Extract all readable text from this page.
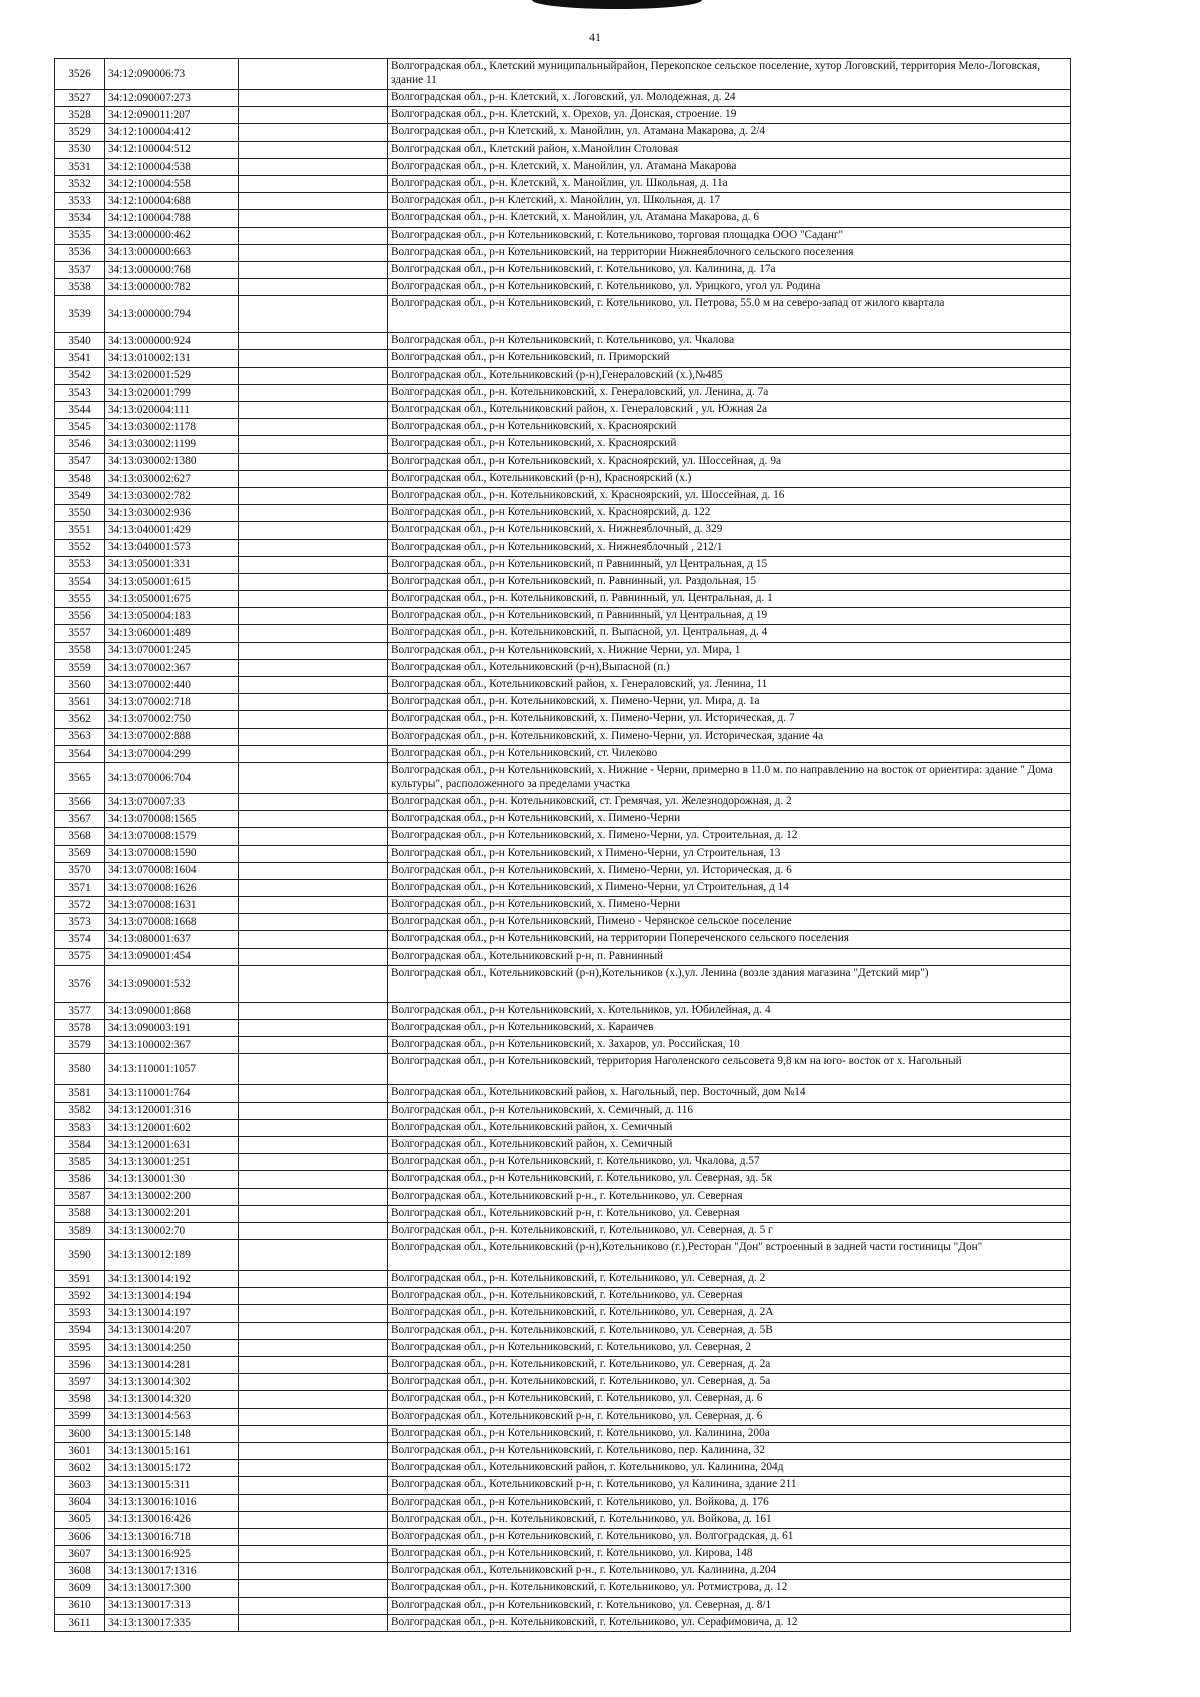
41
3526	34:12:090006:73		Волгоградская обл., Клетский муниципальныйрайон, Перекопское сельское поселение, хутор Логовский, территория Мело-Логовская, здание 11
3527	34:12:090007:273		Волгоградская обл., р-н. Клетский, х. Логовский, ул. Молодежная, д. 24
3528	34:12:090011:207		Волгоградская обл., р-н. Клетский, х. Орехов, ул. Донская, строение. 19
3529	34:12:100004:412		Волгоградская обл., р-н Клетский, х. Манойлин, ул. Атамана Макарова, д. 2/4
3530	34:12:100004:512		Волгоградская обл., Клетский район, х.Манойлин Столовая
3531	34:12:100004:538		Волгоградская обл., р-н. Клетский, х. Манойлин, ул. Атамана Макарова
3532	34:12:100004:558		Волгоградская обл., р-н. Клетский, х. Манойлин, ул. Школьная, д. 11а
3533	34:12:100004:688		Волгоградская обл., р-н Клетский, х. Манойлин, ул. Школьная, д. 17
3534	34:12:100004:788		Волгоградская обл., р-н. Клетский, х. Манойлин, ул. Атамана Макарова, д. 6
3535	34:13:000000:462		Волгоградская обл., р-н Котельниковский, г. Котельниково, торговая площадка ООО "Саданг"
3536	34:13:000000:663		Волгоградская обл., р-н Котельниковский, на территории Нижнеяблочного сельского поселения
3537	34:13:000000:768		Волгоградская обл., р-н Котельниковский, г. Котельниково, ул. Калинина, д. 17а
3538	34:13:000000:782		Волгоградская обл., р-н Котельниковский, г. Котельниково, ул. Урицкого, угол ул. Родина
3539	34:13:000000:794		Волгоградская обл., р-н Котельниковский, г. Котельниково, ул. Петрова, 55.0 м на северо-запад от жилого квартала
3540	34:13:000000:924		Волгоградская обл., р-н Котельниковский, г. Котельниково, ул. Чкалова
3541	34:13:010002:131		Волгоградская обл., р-н Котельниковский, п. Приморский
3542	34:13:020001:529		Волгоградская обл., Котельниковский (р-н),Генераловский (х.),№485
3543	34:13:020001:799		Волгоградская обл., р-н. Котельниковский, х. Генераловский, ул. Ленина, д. 7а
3544	34:13:020004:111		Волгоградская обл., Котельниковский район, х. Генераловский , ул. Южная 2а
3545	34:13:030002:1178		Волгоградская обл., р-н Котельниковский, х. Красноярский
3546	34:13:030002:1199		Волгоградская обл., р-н Котельниковский, х. Красноярский
3547	34:13:030002:1380		Волгоградская обл., р-н Котельниковский, х. Красноярский, ул. Шоссейная, д. 9а
3548	34:13:030002:627		Волгоградская обл., Котельниковский (р-н), Красноярский (х.)
3549	34:13:030002:782		Волгоградская обл., р-н. Котельниковский, х. Красноярский, ул. Шоссейная, д. 16
3550	34:13:030002:936		Волгоградская обл., р-н Котельниковский, х. Красноярский, д. 122
3551	34:13:040001:429		Волгоградская обл., р-н Котельниковский, х. Нижнеяблочный, д. 329
3552	34:13:040001:573		Волгоградская обл., р-н Котельниковский, х. Нижнеяблочный , 212/1
3553	34:13:050001:331		Волгоградская обл., р-н Котельниковский, п Равнинный, ул Центральная, д 15
3554	34:13:050001:615		Волгоградская обл., р-н Котельниковский, п. Равнинный, ул. Раздольная, 15
3555	34:13:050001:675		Волгоградская обл., р-н. Котельниковский, п. Равнинный, ул. Центральная, д. 1
3556	34:13:050004:183		Волгоградская обл., р-н Котельниковский, п Равнинный, ул Центральная, д 19
3557	34:13:060001:489		Волгоградская обл., р-н. Котельниковский, п. Выпасной, ул. Центральная, д. 4
3558	34:13:070001:245		Волгоградская обл., р-н Котельниковский, х. Нижние Черни, ул. Мира, 1
3559	34:13:070002:367		Волгоградская обл., Котельниковский (р-н),Выпасной (п.)
3560	34:13:070002:440		Волгоградская обл., Котельниковский район, х. Генераловский, ул. Ленина, 11
3561	34:13:070002:718		Волгоградская обл., р-н. Котельниковский, х. Пимено-Черни, ул. Мира, д. 1а
3562	34:13:070002:750		Волгоградская обл., р-н. Котельниковский, х. Пимено-Черни, ул. Историческая, д. 7
3563	34:13:070002:888		Волгоградская обл., р-н. Котельниковский, х. Пимено-Черни, ул. Историческая, здание 4а
3564	34:13:070004:299		Волгоградская обл., р-н Котельниковский, ст. Чилеково
3565	34:13:070006:704		Волгоградская обл., р-н Котельниковский, х. Нижние - Черни, примерно в 11.0 м. по направлению на восток от ориентира: здание " Дома культуры", расположенного за пределами участка
3566	34:13:070007:33		Волгоградская обл., р-н. Котельниковский, ст. Гремячая, ул. Железнодорожная, д. 2
3567	34:13:070008:1565		Волгоградская обл., р-н Котельниковский, х. Пимено-Черни
3568	34:13:070008:1579		Волгоградская обл., р-н Котельниковский, х. Пимено-Черни, ул. Строительная, д. 12
3569	34:13:070008:1590		Волгоградская обл., р-н Котельниковский, х Пимено-Черни, ул Строительная, 13
3570	34:13:070008:1604		Волгоградская обл., р-н Котельниковский, х. Пимено-Черни, ул. Историческая, д. 6
3571	34:13:070008:1626		Волгоградская обл., р-н Котельниковский, х Пимено-Черни, ул Строительная, д 14
3572	34:13:070008:1631		Волгоградская обл., р-н Котельниковский, х. Пимено-Черни
3573	34:13:070008:1668		Волгоградская обл., р-н Котельниковский, Пимено - Черянское сельское поселение
3574	34:13:080001:637		Волгоградская обл., р-н Котельниковский, на территории Попереченского сельского поселения
3575	34:13:090001:454		Волгоградская обл., Котельниковский р-н, п. Равнинный
3576	34:13:090001:532		Волгоградская обл., Котельниковский (р-н),Котельников (х.),ул. Ленина (возле здания магазина "Детский мир")
3577	34:13:090001:868		Волгоградская обл., р-н Котельниковский, х. Котельников, ул. Юбилейная, д. 4
3578	34:13:090003:191		Волгоградская обл., р-н Котельниковский, х. Караичев
3579	34:13:100002:367		Волгоградская обл., р-н Котельниковский, х. Захаров, ул. Российская, 10
3580	34:13:110001:1057		Волгоградская обл., р-н Котельниковский, территория Наголенского сельсовета 9,8 км на юго- восток от х. Нагольный
3581	34:13:110001:764		Волгоградская обл., Котельниковский район, х. Нагольный, пер. Восточный, дом №14
3582	34:13:120001:316		Волгоградская обл., р-н Котельниковский, х. Семичный, д. 116
3583	34:13:120001:602		Волгоградская обл., Котельниковский район, х. Семичный
3584	34:13:120001:631		Волгоградская обл., Котельниковский район, х. Семичный
3585	34:13:130001:251		Волгоградская обл., р-н Котельниковский, г. Котельниково, ул. Чкалова, д.57
3586	34:13:130001:30		Волгоградская обл., р-н Котельниковский, г. Котельниково, ул. Северная, зд. 5к
3587	34:13:130002:200		Волгоградская обл., Котельниковский р-н., г. Котельниково, ул. Северная
3588	34:13:130002:201		Волгоградская обл., Котельниковский р-н, г. Котельниково, ул. Северная
3589	34:13:130002:70		Волгоградская обл., р-н. Котельниковский, г. Котельниково, ул. Северная, д. 5 г
3590	34:13:130012:189		Волгоградская обл., Котельниковский (р-н),Котельниково (г.),Ресторан "Дон" встроенный в задней части гостиницы "Дон"
3591	34:13:130014:192		Волгоградская обл., р-н. Котельниковский, г. Котельниково, ул. Северная, д. 2
3592	34:13:130014:194		Волгоградская обл., р-н. Котельниковский, г. Котельниково, ул. Северная
3593	34:13:130014:197		Волгоградская обл., р-н. Котельниковский, г. Котельниково, ул. Северная, д. 2А
3594	34:13:130014:207		Волгоградская обл., р-н. Котельниковский, г. Котельниково, ул. Северная, д. 5В
3595	34:13:130014:250		Волгоградская обл., р-н Котельниковский, г. Котельниково, ул. Северная, 2
3596	34:13:130014:281		Волгоградская обл., р-н. Котельниковский, г. Котельниково, ул. Северная, д. 2а
3597	34:13:130014:302		Волгоградская обл., р-н. Котельниковский, г. Котельниково, ул. Северная, д. 5а
3598	34:13:130014:320		Волгоградская обл., р-н Котельниковский, г. Котельниково, ул. Северная, д. 6
3599	34:13:130014:563		Волгоградская обл., Котельниковский р-н, г. Котельниково, ул. Северная, д. 6
3600	34:13:130015:148		Волгоградская обл., р-н Котельниковский, г. Котельниково, ул. Калинина, 200а
3601	34:13:130015:161		Волгоградская обл., р-н Котельниковский, г. Котельниково, пер. Калинина, 32
3602	34:13:130015:172		Волгоградская обл., Котельниковский район, г. Котельниково, ул. Калинина, 204д
3603	34:13:130015:311		Волгоградская обл., Котельниковский р-н, г. Котельниково, ул Калинина, здание 211
3604	34:13:130016:1016		Волгоградская обл., р-н Котельниковский, г. Котельниково, ул. Войкова, д. 176
3605	34:13:130016:426		Волгоградская обл., р-н. Котельниковский, г. Котельниково, ул. Войкова, д. 161
3606	34:13:130016:718		Волгоградская обл., р-н Котельниковский, г. Котельниково, ул. Волгоградская, д. 61
3607	34:13:130016:925		Волгоградская обл., р-н Котельниковский, г. Котельниково, ул. Кирова, 148
3608	34:13:130017:1316		Волгоградская обл., Котельниковский р-н., г. Котельниково, ул. Калинина, д.204
3609	34:13:130017:300		Волгоградская обл., р-н. Котельниковский, г. Котельниково, ул. Ротмистрова, д. 12
3610	34:13:130017:313		Волгоградская обл., р-н Котельниковский, г. Котельниково, ул. Северная, д. 8/1
3611	34:13:130017:335		Волгоградская обл., р-н. Котельниковский, г. Котельниково, ул. Серафимовича, д. 12
